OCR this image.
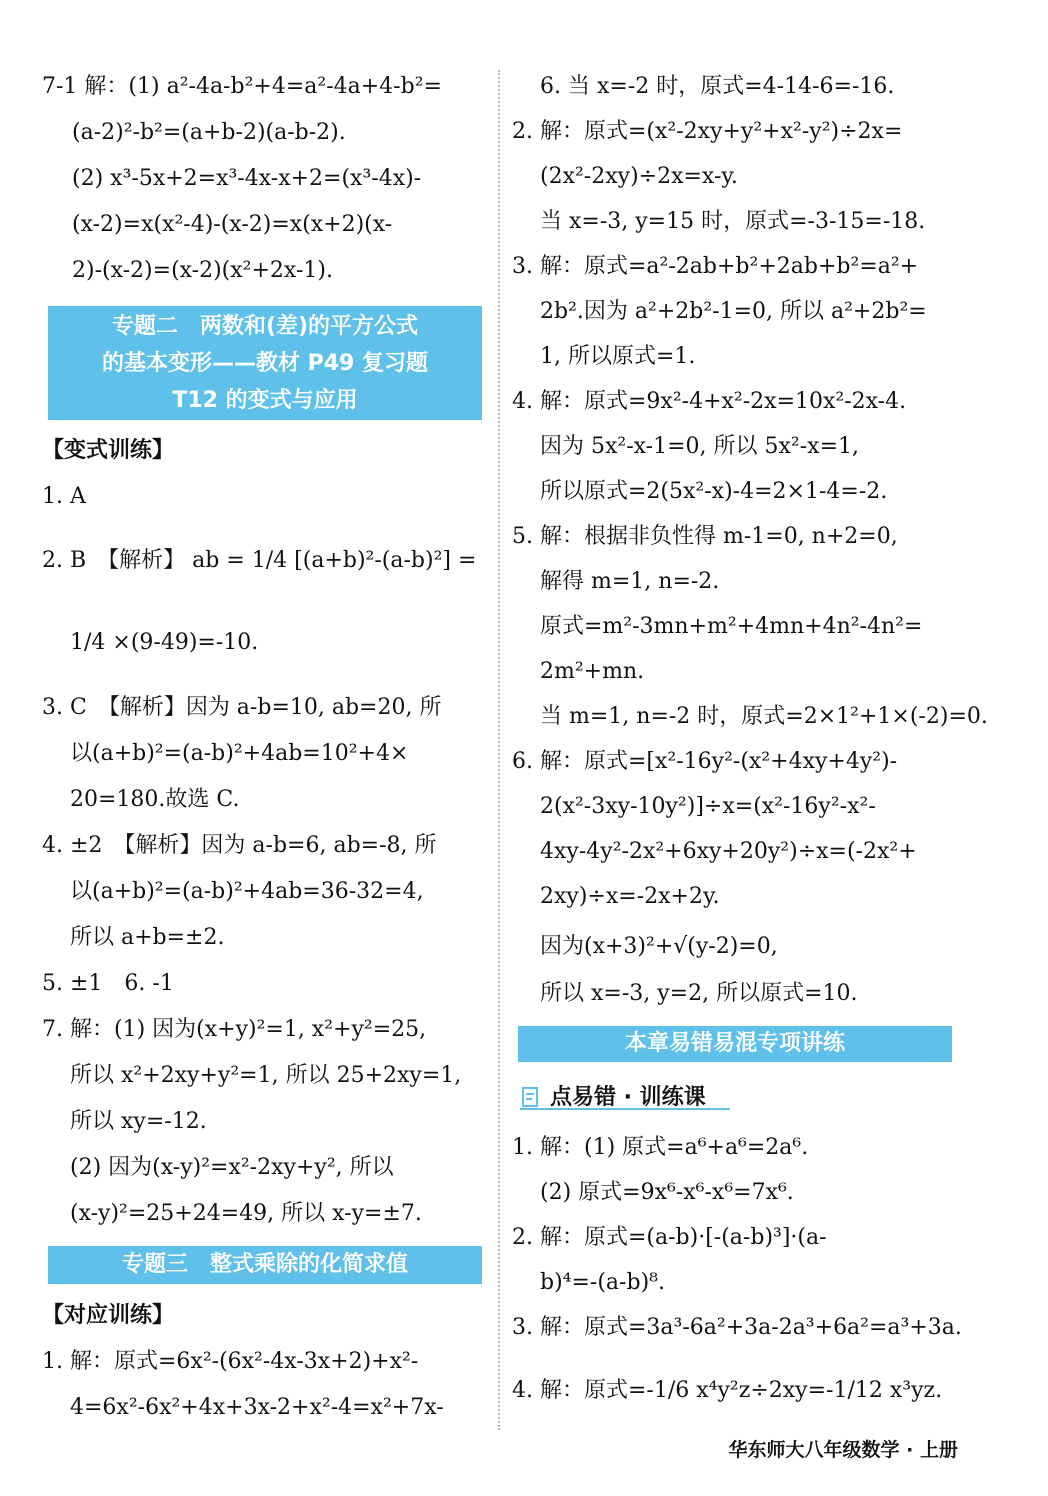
7-1 解：(1) a²-4a-b²+4=a²-4a+4-b²=
(a-2)²-b²=(a+b-2)(a-b-2).
(2) x³-5x+2=x³-4x-x+2=(x³-4x)-
(x-2)=x(x²-4)-(x-2)=x(x+2)(x-
2)-(x-2)=(x-2)(x²+2x-1).
专题二　两数和(差)的平方公式
的基本变形——教材 P49 复习题
T12 的变式与应用
【变式训练】
1. A
2. B　【解析】 ab = 1/4 [(a+b)²-(a-b)²] =
1/4 ×(9-49)=-10.
3. C　【解析】因为 a-b=10, ab=20, 所
以(a+b)²=(a-b)²+4ab=10²+4×
20=180.故选 C.
4. ±2　【解析】因为 a-b=6, ab=-8, 所
以(a+b)²=(a-b)²+4ab=36-32=4,
所以 a+b=±2.
5. ±1　6. -1
7. 解：(1) 因为(x+y)²=1, x²+y²=25,
所以 x²+2xy+y²=1, 所以 25+2xy=1,
所以 xy=-12.
(2) 因为(x-y)²=x²-2xy+y², 所以
(x-y)²=25+24=49, 所以 x-y=±7.
专题三　整式乘除的化简求值
【对应训练】
1. 解：原式=6x²-(6x²-4x-3x+2)+x²-
4=6x²-6x²+4x+3x-2+x²-4=x²+7x-
6. 当 x=-2 时，原式=4-14-6=-16.
2. 解：原式=(x²-2xy+y²+x²-y²)÷2x=
(2x²-2xy)÷2x=x-y.
当 x=-3, y=15 时，原式=-3-15=-18.
3. 解：原式=a²-2ab+b²+2ab+b²=a²+
2b².因为 a²+2b²-1=0, 所以 a²+2b²=
1, 所以原式=1.
4. 解：原式=9x²-4+x²-2x=10x²-2x-4.
因为 5x²-x-1=0, 所以 5x²-x=1,
所以原式=2(5x²-x)-4=2×1-4=-2.
5. 解：根据非负性得 m-1=0, n+2=0,
解得 m=1, n=-2.
原式=m²-3mn+m²+4mn+4n²-4n²=
2m²+mn.
当 m=1, n=-2 时，原式=2×1²+1×(-2)=0.
6. 解：原式=[x²-16y²-(x²+4xy+4y²)-
2(x²-3xy-10y²)]÷x=(x²-16y²-x²-
4xy-4y²-2x²+6xy+20y²)÷x=(-2x²+
2xy)÷x=-2x+2y.
因为(x+3)²+√(y-2)=0,
所以 x=-3, y=2, 所以原式=10.
本章易错易混专项讲练
点易错 · 训练课
1. 解：(1) 原式=a⁶+a⁶=2a⁶.
(2) 原式=9x⁶-x⁶-x⁶=7x⁶.
2. 解：原式=(a-b)·[-(a-b)³]·(a-
b)⁴=-(a-b)⁸.
3. 解：原式=3a³-6a²+3a-2a³+6a²=a³+3a.
4. 解：原式=-1/6 x⁴y²z÷2xy=-1/12 x³yz.
华东师大八年级数学 · 上册
